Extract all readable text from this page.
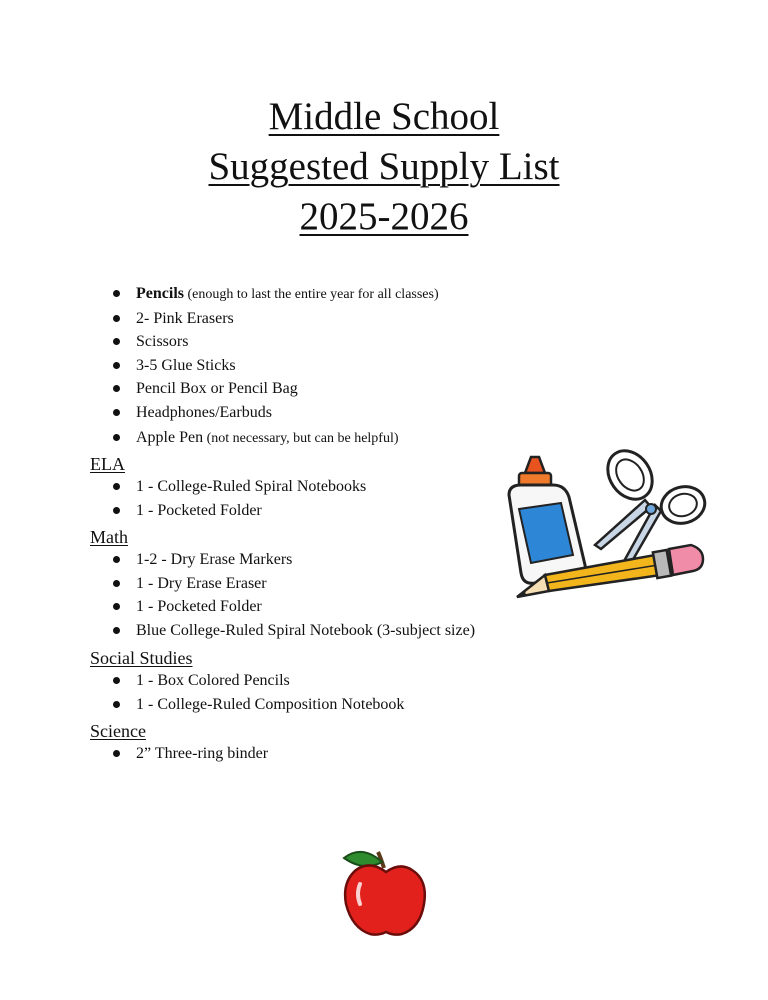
Middle School
Suggested Supply List
2025-2026
Pencils (enough to last the entire year for all classes)
2- Pink Erasers
Scissors
3-5 Glue Sticks
Pencil Box or Pencil Bag
Headphones/Earbuds
Apple Pen (not necessary, but can be helpful)
ELA
1 - College-Ruled Spiral Notebooks
1 - Pocketed Folder
Math
1-2 - Dry Erase Markers
1 - Dry Erase Eraser
1 - Pocketed Folder
Blue College-Ruled Spiral Notebook (3-subject size)
Social Studies
1 - Box Colored Pencils
1 - College-Ruled Composition Notebook
Science
2” Three-ring binder
